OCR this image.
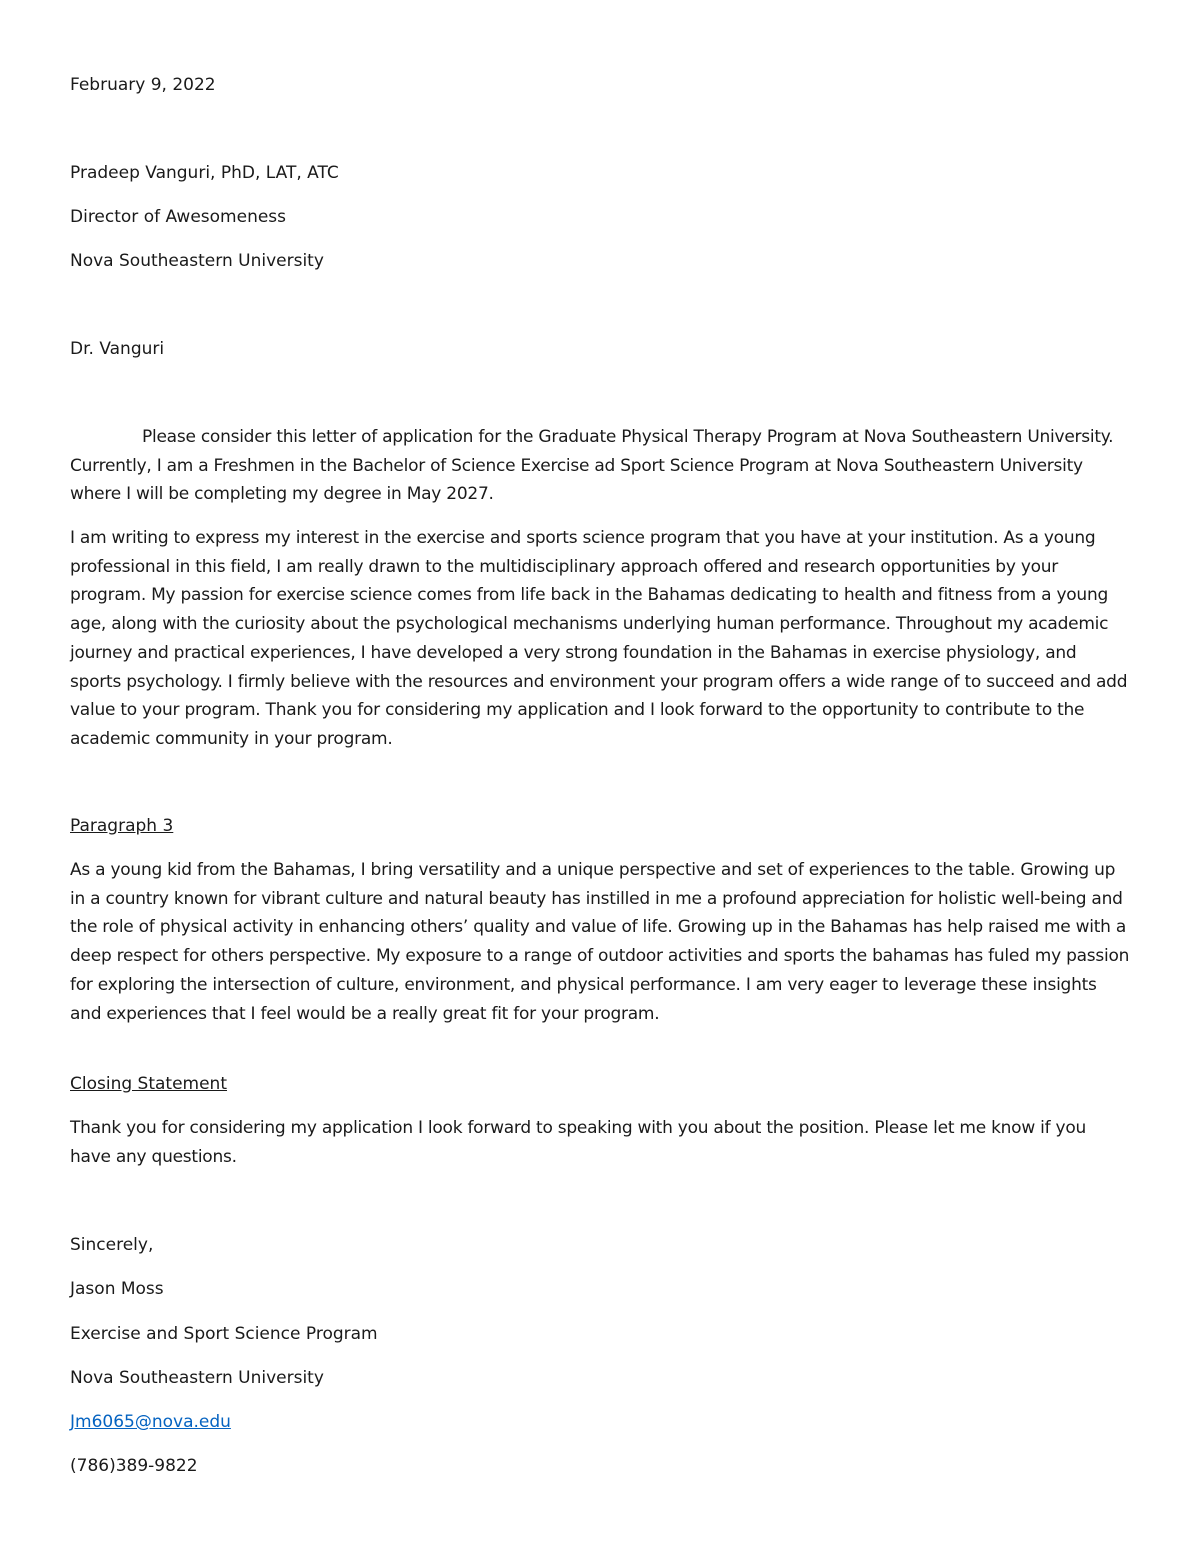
February 9, 2022

Pradeep Vanguri, PhD, LAT, ATC

Director of Awesomeness

Nova Southeastern University

Dr. Vanguri

Please consider this letter of application for the Graduate Physical Therapy Program at Nova Southeastern University. Currently, I am a Freshmen in the Bachelor of Science Exercise ad Sport Science Program at Nova Southeastern University where I will be completing my degree in May 2027.

I am writing to express my interest in the exercise and sports science program that you have at your institution. As a young professional in this field, I am really drawn to the multidisciplinary approach offered and research opportunities by your program. My passion for exercise science comes from life back in the Bahamas dedicating to health and fitness from a young age, along with the curiosity about the psychological mechanisms underlying human performance. Throughout my academic journey and practical experiences, I have developed a very strong foundation in the Bahamas in exercise physiology, and sports psychology. I firmly believe with the resources and environment your program offers a wide range of to succeed and add value to your program. Thank you for considering my application and I look forward to the opportunity to contribute to the academic community in your program.

Paragraph 3

As a young kid from the Bahamas, I bring versatility and a unique perspective and set of experiences to the table. Growing up in a country known for vibrant culture and natural beauty has instilled in me a profound appreciation for holistic well-being and the role of physical activity in enhancing others’ quality and value of life. Growing up in the Bahamas has help raised me with a deep respect for others perspective. My exposure to a range of outdoor activities and sports the bahamas has fuled my passion for exploring the intersection of culture, environment, and physical performance. I am very eager to leverage these insights and experiences that I feel would be a really great fit for your program.

Closing Statement

Thank you for considering my application I look forward to speaking with you about the position. Please let me know if you have any questions.

Sincerely,

Jason Moss

Exercise and Sport Science Program

Nova Southeastern University

Jm6065@nova.edu

(786)389-9822
